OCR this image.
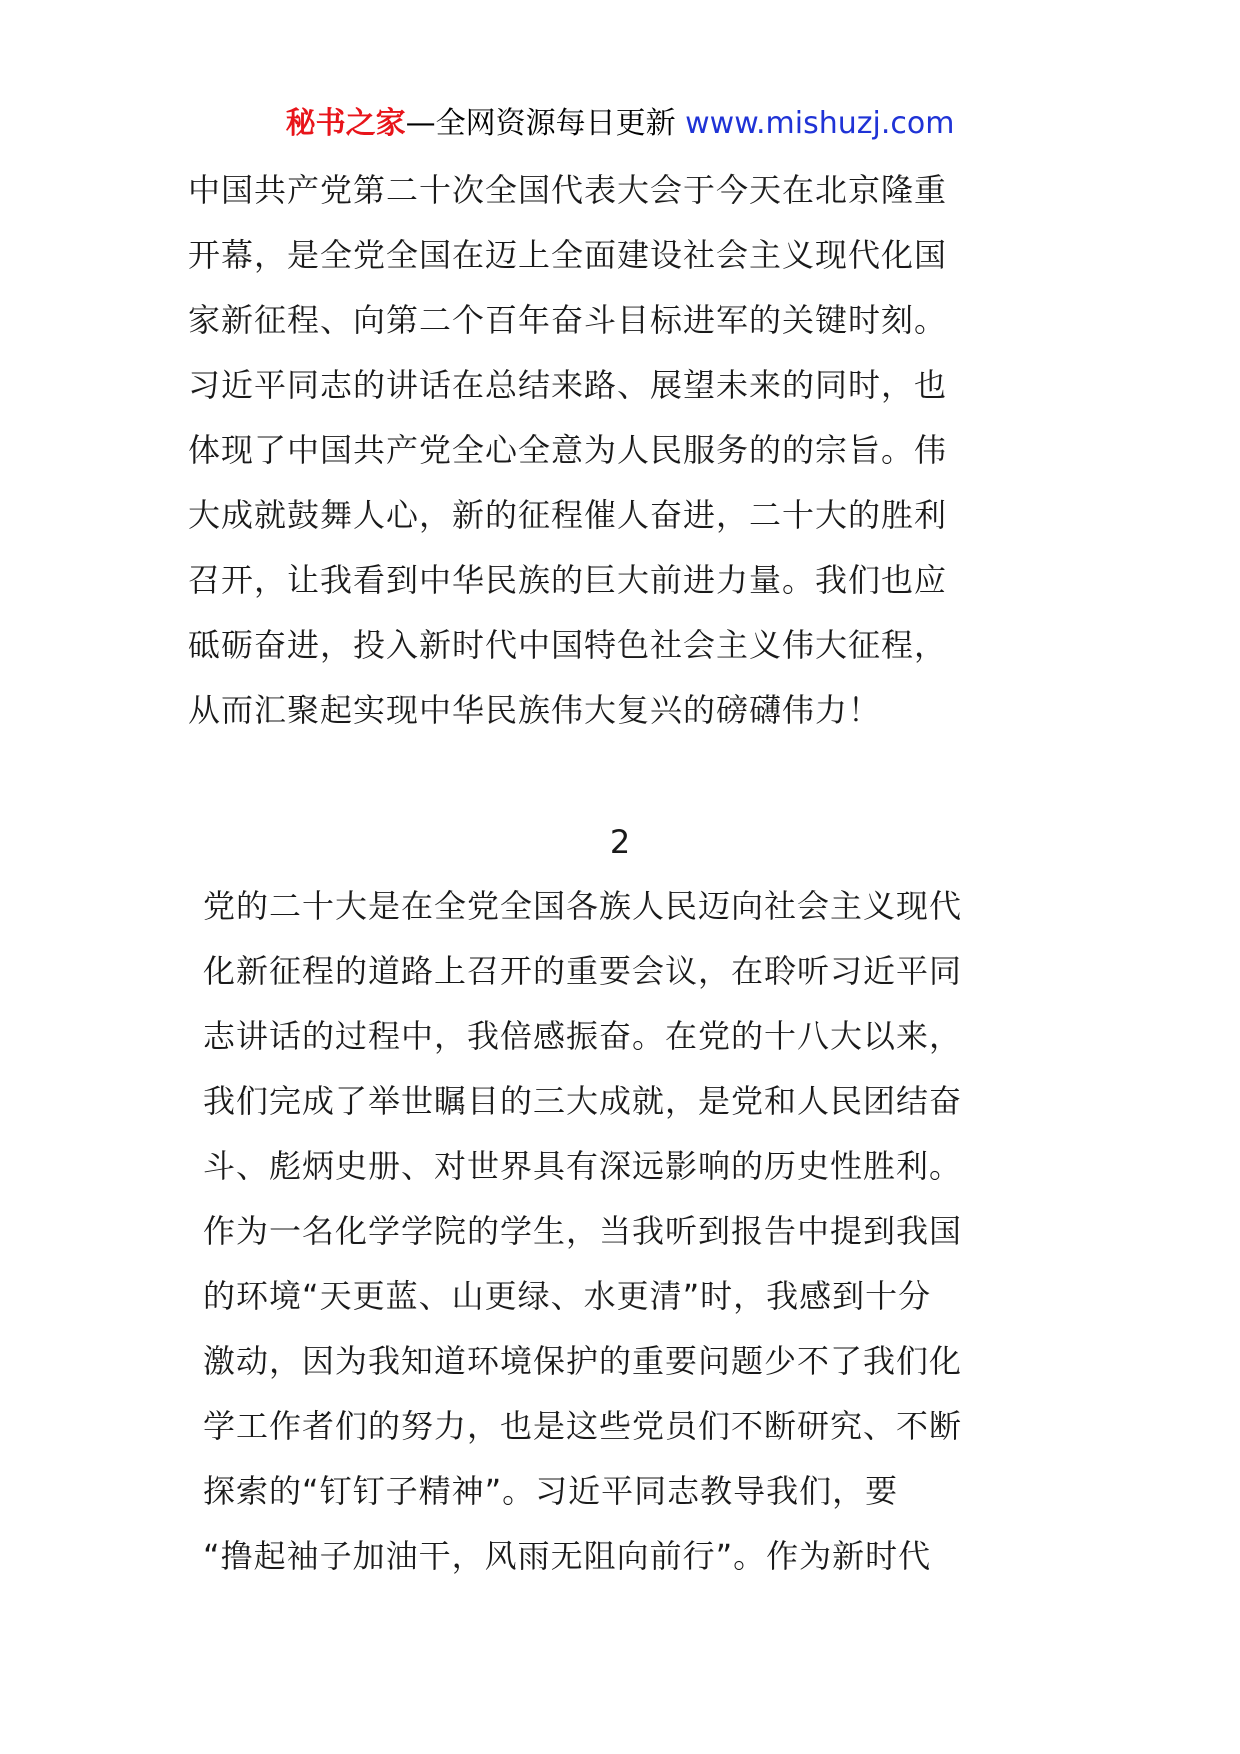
秘书之家—全网资源每日更新 www.mishuzj.com
中国共产党第二十次全国代表大会于今天在北京隆重
开幕，是全党全国在迈上全面建设社会主义现代化国
家新征程、向第二个百年奋斗目标进军的关键时刻。
习近平同志的讲话在总结来路、展望未来的同时，也
体现了中国共产党全心全意为人民服务的的宗旨。伟
大成就鼓舞人心，新的征程催人奋进，二十大的胜利
召开，让我看到中华民族的巨大前进力量。我们也应
砥砺奋进，投入新时代中国特色社会主义伟大征程，
从而汇聚起实现中华民族伟大复兴的磅礴伟力！
2
党的二十大是在全党全国各族人民迈向社会主义现代
化新征程的道路上召开的重要会议，在聆听习近平同
志讲话的过程中，我倍感振奋。在党的十八大以来，
我们完成了举世瞩目的三大成就，是党和人民团结奋
斗、彪炳史册、对世界具有深远影响的历史性胜利。
作为一名化学学院的学生，当我听到报告中提到我国
的环境“天更蓝、山更绿、水更清”时，我感到十分
激动，因为我知道环境保护的重要问题少不了我们化
学工作者们的努力，也是这些党员们不断研究、不断
探索的“钉钉子精神”。习近平同志教导我们，要
“撸起袖子加油干，风雨无阻向前行”。作为新时代
